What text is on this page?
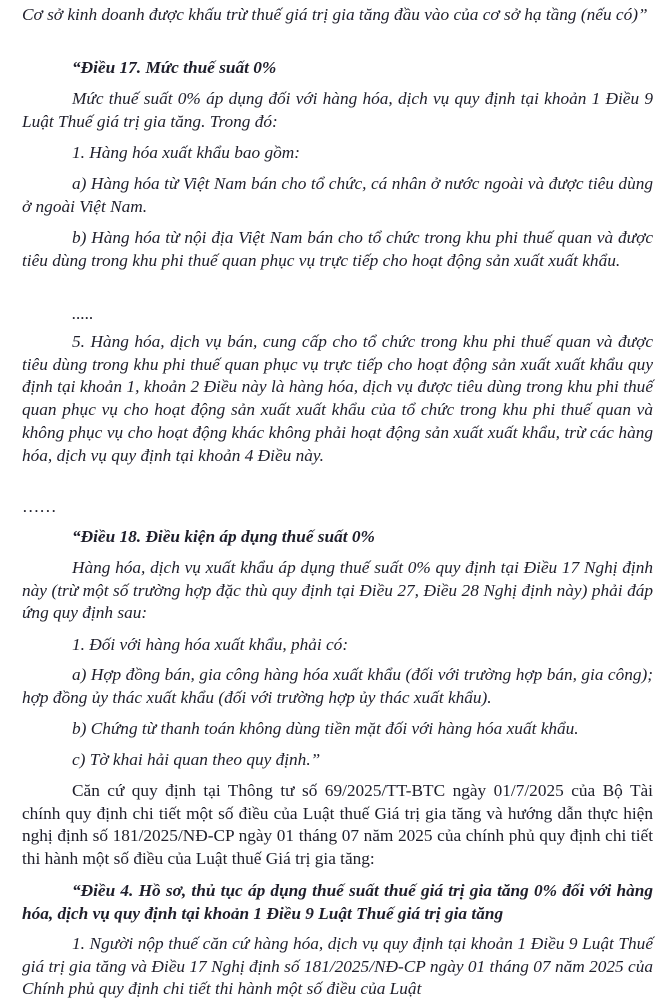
Cơ sở kinh doanh được khấu trừ thuế giá trị gia tăng đầu vào của cơ sở hạ tầng (nếu có)”

“Điều 17. Mức thuế suất 0%

Mức thuế suất 0% áp dụng đối với hàng hóa, dịch vụ quy định tại khoản 1 Điều 9 Luật Thuế giá trị gia tăng. Trong đó:

1. Hàng hóa xuất khẩu bao gồm:

a) Hàng hóa từ Việt Nam bán cho tổ chức, cá nhân ở nước ngoài và được tiêu dùng ở ngoài Việt Nam.

b) Hàng hóa từ nội địa Việt Nam bán cho tổ chức trong khu phi thuế quan và được tiêu dùng trong khu phi thuế quan phục vụ trực tiếp cho hoạt động sản xuất xuất khẩu.

.....

5. Hàng hóa, dịch vụ bán, cung cấp cho tổ chức trong khu phi thuế quan và được tiêu dùng trong khu phi thuế quan phục vụ trực tiếp cho hoạt động sản xuất xuất khẩu quy định tại khoản 1, khoản 2 Điều này là hàng hóa, dịch vụ được tiêu dùng trong khu phi thuế quan phục vụ cho hoạt động sản xuất xuất khẩu của tổ chức trong khu phi thuế quan và không phục vụ cho hoạt động khác không phải hoạt động sản xuất xuất khẩu, trừ các hàng hóa, dịch vụ quy định tại khoản 4 Điều này.

……

“Điều 18. Điều kiện áp dụng thuế suất 0%

Hàng hóa, dịch vụ xuất khẩu áp dụng thuế suất 0% quy định tại Điều 17 Nghị định này (trừ một số trường hợp đặc thù quy định tại Điều 27, Điều 28 Nghị định này) phải đáp ứng quy định sau:

1. Đối với hàng hóa xuất khẩu, phải có:

a) Hợp đồng bán, gia công hàng hóa xuất khẩu (đối với trường hợp bán, gia công); hợp đồng ủy thác xuất khẩu (đối với trường hợp ủy thác xuất khẩu).

b) Chứng từ thanh toán không dùng tiền mặt đối với hàng hóa xuất khẩu.

c) Tờ khai hải quan theo quy định.”

Căn cứ quy định tại Thông tư số 69/2025/TT-BTC ngày 01/7/2025 của Bộ Tài chính quy định chi tiết một số điều của Luật thuế Giá trị gia tăng và hướng dẫn thực hiện nghị định số 181/2025/NĐ-CP ngày 01 tháng 07 năm 2025 của chính phủ quy định chi tiết thi hành một số điều của Luật thuế Giá trị gia tăng:

“Điều 4. Hồ sơ, thủ tục áp dụng thuế suất thuế giá trị gia tăng 0% đối với hàng hóa, dịch vụ quy định tại khoản 1 Điều 9 Luật Thuế giá trị gia tăng

1. Người nộp thuế căn cứ hàng hóa, dịch vụ quy định tại khoản 1 Điều 9 Luật Thuế giá trị gia tăng và Điều 17 Nghị định số 181/2025/NĐ-CP ngày 01 tháng 07 năm 2025 của Chính phủ quy định chi tiết thi hành một số điều của Luật
